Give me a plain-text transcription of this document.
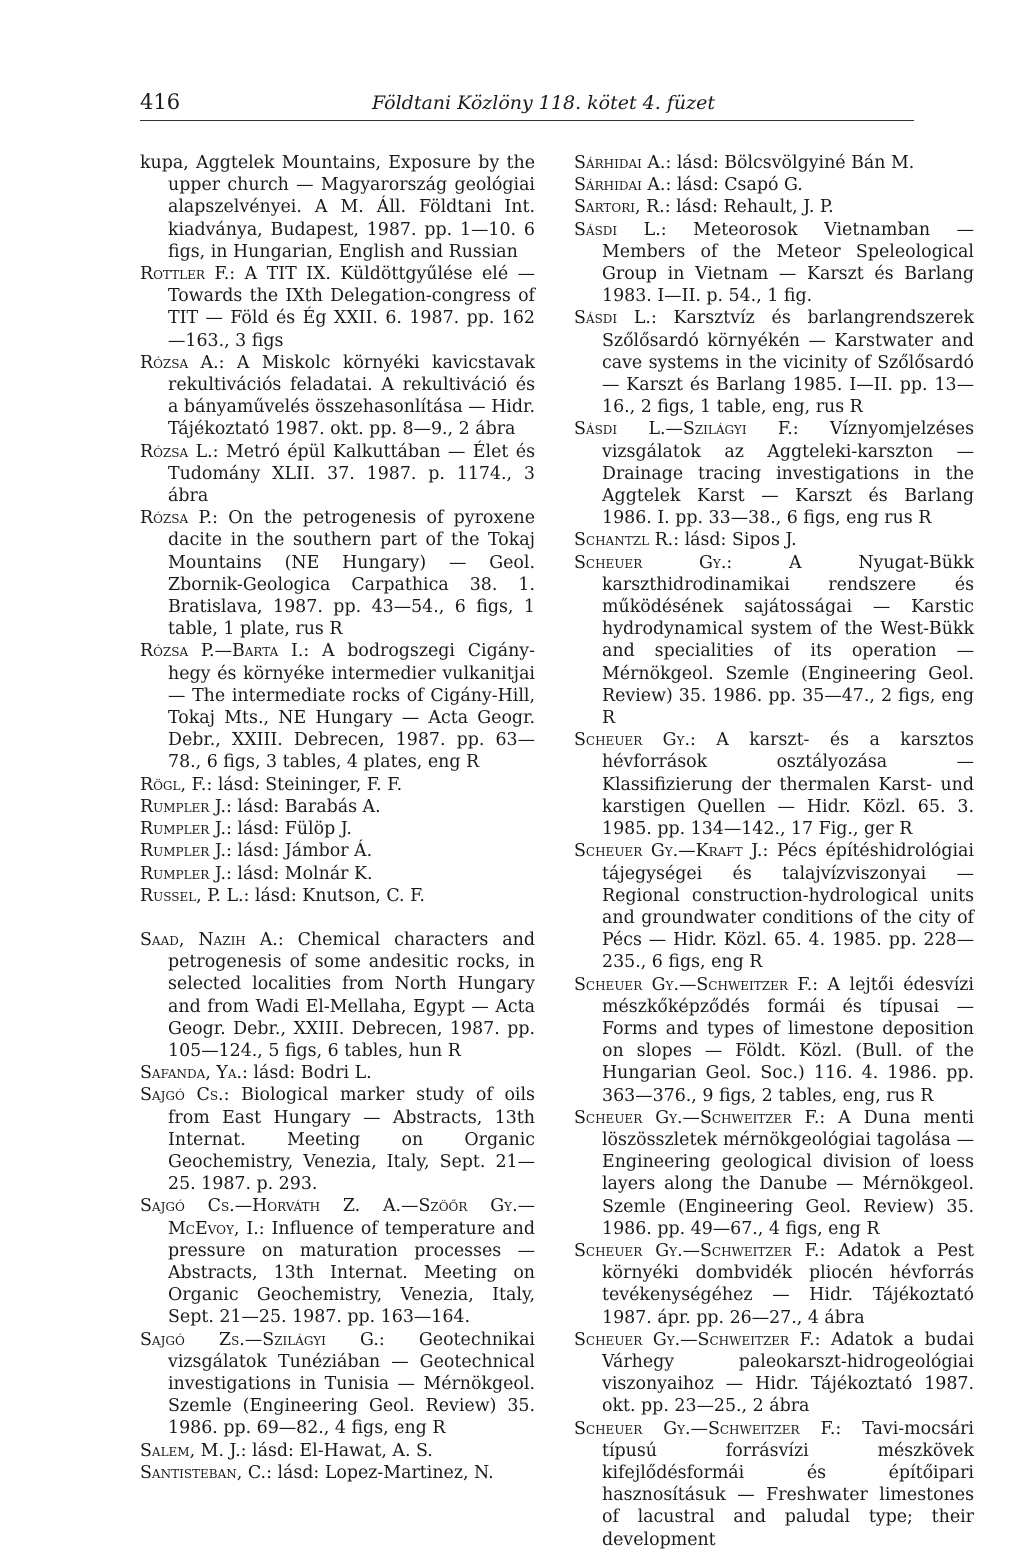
416	Földtani Közlöny 118. kötet 4. füzet

kupa, Aggtelek Mountains, Exposure by the upper church — Magyarország geológiai alapszelvényei. A M. Áll. Földtani Int. kiadványa, Budapest, 1987. pp. 1—10. 6 figs, in Hungarian, English and Russian

Rottler F.: A TIT IX. Küldöttgyűlése elé — Towards the IXth Delegation-congress of TIT — Föld és Ég XXII. 6. 1987. pp. 162—163., 3 figs

Rózsa A.: A Miskolc környéki kavicstavak rekultivációs feladatai. A rekultiváció és a bányaművelés összehasonlítása — Hidr. Tájékoztató 1987. okt. pp. 8—9., 2 ábra

Rózsa L.: Metró épül Kalkuttában — Élet és Tudomány XLII. 37. 1987. p. 1174., 3 ábra

Rózsa P.: On the petrogenesis of pyroxene dacite in the southern part of the Tokaj Mountains (NE Hungary) — Geol. Zbornik-Geologica Carpathica 38. 1. Bratislava, 1987. pp. 43—54., 6 figs, 1 table, 1 plate, rus R

Rózsa P.—Barta I.: A bodrogszegi Cigány-hegy és környéke intermedier vulkanitjai — The intermediate rocks of Cigány-Hill, Tokaj Mts., NE Hungary — Acta Geogr. Debr., XXIII. Debrecen, 1987. pp. 63—78., 6 figs, 3 tables, 4 plates, eng R

Rögl, F.: lásd: Steininger, F. F.

Rumpler J.: lásd: Barabás A.

Rumpler J.: lásd: Fülöp J.

Rumpler J.: lásd: Jámbor Á.

Rumpler J.: lásd: Molnár K.

Russel, P. L.: lásd: Knutson, C. F.

Saad, Nazih A.: Chemical characters and petrogenesis of some andesitic rocks, in selected localities from North Hungary and from Wadi El-Mellaha, Egypt — Acta Geogr. Debr., XXIII. Debrecen, 1987. pp. 105—124., 5 figs, 6 tables, hun R

Safanda, Ya.: lásd: Bodri L.

Sajgó Cs.: Biological marker study of oils from East Hungary — Abstracts, 13th Internat. Meeting on Organic Geochemistry, Venezia, Italy, Sept. 21—25. 1987. p. 293.

Sajgó Cs.—Horváth Z. A.—Szöőr Gy.—McEvoy, I.: Influence of temperature and pressure on maturation processes — Abstracts, 13th Internat. Meeting on Organic Geochemistry, Venezia, Italy, Sept. 21—25. 1987. pp. 163—164.

Sajgó Zs.—Szilágyi G.: Geotechnikai vizsgálatok Tunéziában — Geotechnical investigations in Tunisia — Mérnökgeol. Szemle (Engineering Geol. Review) 35. 1986. pp. 69—82., 4 figs, eng R

Salem, M. J.: lásd: El-Hawat, A. S.

Santisteban, C.: lásd: Lopez-Martinez, N.

Sárhidai A.: lásd: Bölcsvölgyiné Bán M.

Sárhidai A.: lásd: Csapó G.

Sartori, R.: lásd: Rehault, J. P.

Sásdi L.: Meteorosok Vietnamban — Members of the Meteor Speleological Group in Vietnam — Karszt és Barlang 1983. I—II. p. 54., 1 fig.

Sásdi L.: Karsztvíz és barlangrendszerek Szőlősardó környékén — Karstwater and cave systems in the vicinity of Szőlősardó — Karszt és Barlang 1985. I—II. pp. 13—16., 2 figs, 1 table, eng, rus R

Sásdi L.—Szilágyi F.: Víznyomjelzéses vizsgálatok az Aggteleki-karszton — Drainage tracing investigations in the Aggtelek Karst — Karszt és Barlang 1986. I. pp. 33—38., 6 figs, eng rus R

Schantzl R.: lásd: Sipos J.

Scheuer Gy.: A Nyugat-Bükk karszthidrodinamikai rendszere és működésének sajátosságai — Karstic hydrodynamical system of the West-Bükk and specialities of its operation — Mérnökgeol. Szemle (Engineering Geol. Review) 35. 1986. pp. 35—47., 2 figs, eng R

Scheuer Gy.: A karszt- és a karsztos hévforrások osztályozása — Klassifizierung der thermalen Karst- und karstigen Quellen — Hidr. Közl. 65. 3. 1985. pp. 134—142., 17 Fig., ger R

Scheuer Gy.—Kraft J.: Pécs építéshidrológiai tájegységei és talajvízviszonyai — Regional construction-hydrological units and groundwater conditions of the city of Pécs — Hidr. Közl. 65. 4. 1985. pp. 228—235., 6 figs, eng R

Scheuer Gy.—Schweitzer F.: A lejtői édesvízi mészkőképződés formái és típusai — Forms and types of limestone deposition on slopes — Földt. Közl. (Bull. of the Hungarian Geol. Soc.) 116. 4. 1986. pp. 363—376., 9 figs, 2 tables, eng, rus R

Scheuer Gy.—Schweitzer F.: A Duna menti löszösszletek mérnökgeológiai tagolása — Engineering geological division of loess layers along the Danube — Mérnökgeol. Szemle (Engineering Geol. Review) 35. 1986. pp. 49—67., 4 figs, eng R

Scheuer Gy.—Schweitzer F.: Adatok a Pest környéki dombvidék pliocén hévforrás tevékenységéhez — Hidr. Tájékoztató 1987. ápr. pp. 26—27., 4 ábra

Scheuer Gy.—Schweitzer F.: Adatok a budai Várhegy paleokarszt-hidrogeológiai viszonyaihoz — Hidr. Tájékoztató 1987. okt. pp. 23—25., 2 ábra

Scheuer Gy.—Schweitzer F.: Tavi-mocsári típusú forrásvízi mészkövek kifejlődésformái és építőipari hasznosításuk — Freshwater limestones of lacustral and paludal type; their development
